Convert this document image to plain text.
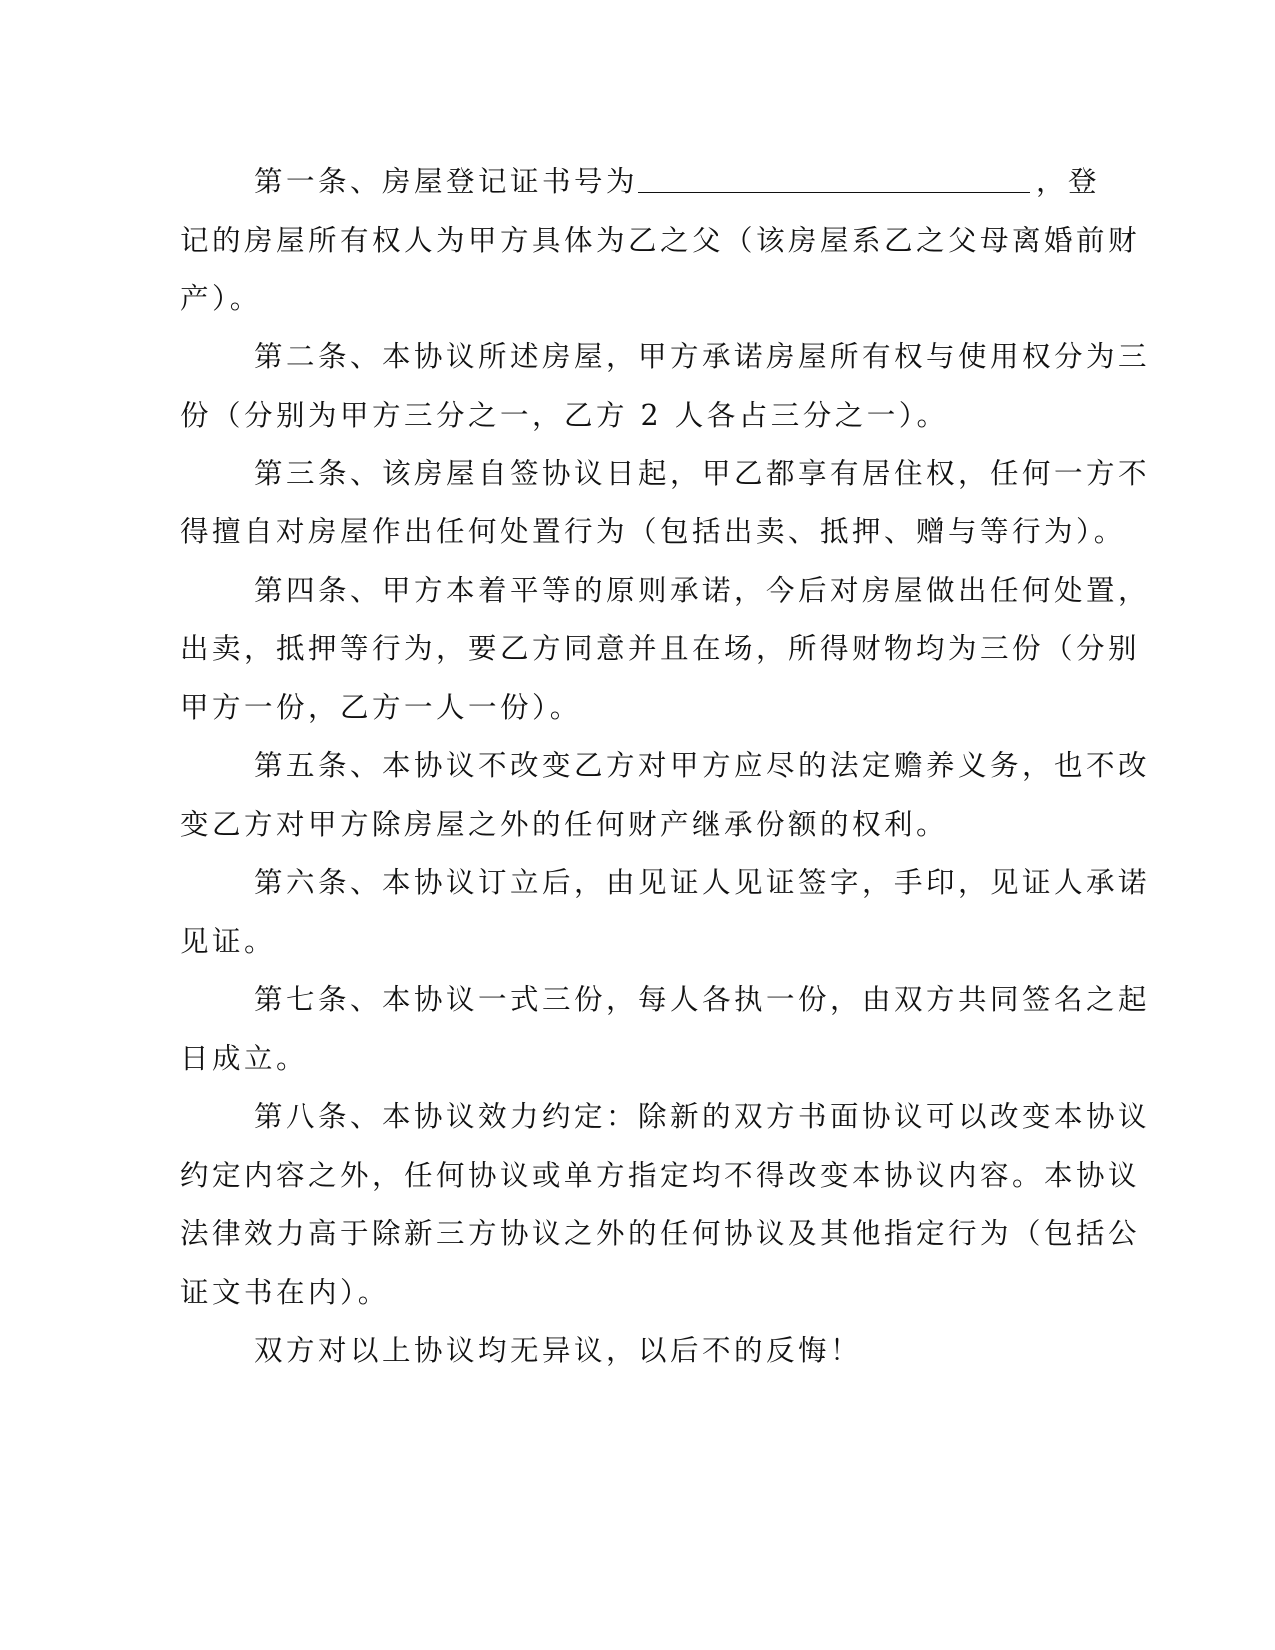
第一条、房屋登记证书号为	，登
记的房屋所有权人为甲方具体为乙之父（该房屋系乙之父母离婚前财
产）。
第二条、本协议所述房屋，甲方承诺房屋所有权与使用权分为三
份（分别为甲方三分之一，乙方 2 人各占三分之一）。
第三条、该房屋自签协议日起，甲乙都享有居住权，任何一方不
得擅自对房屋作出任何处置行为（包括出卖、抵押、赠与等行为）。
第四条、甲方本着平等的原则承诺，今后对房屋做出任何处置，
出卖，抵押等行为，要乙方同意并且在场，所得财物均为三份（分别
甲方一份，乙方一人一份）。
第五条、本协议不改变乙方对甲方应尽的法定赡养义务，也不改
变乙方对甲方除房屋之外的任何财产继承份额的权利。
第六条、本协议订立后，由见证人见证签字，手印，见证人承诺
见证。
第七条、本协议一式三份，每人各执一份，由双方共同签名之起
日成立。
第八条、本协议效力约定：除新的双方书面协议可以改变本协议
约定内容之外，任何协议或单方指定均不得改变本协议内容。本协议
法律效力高于除新三方协议之外的任何协议及其他指定行为（包括公
证文书在内）。
双方对以上协议均无异议，以后不的反悔！
